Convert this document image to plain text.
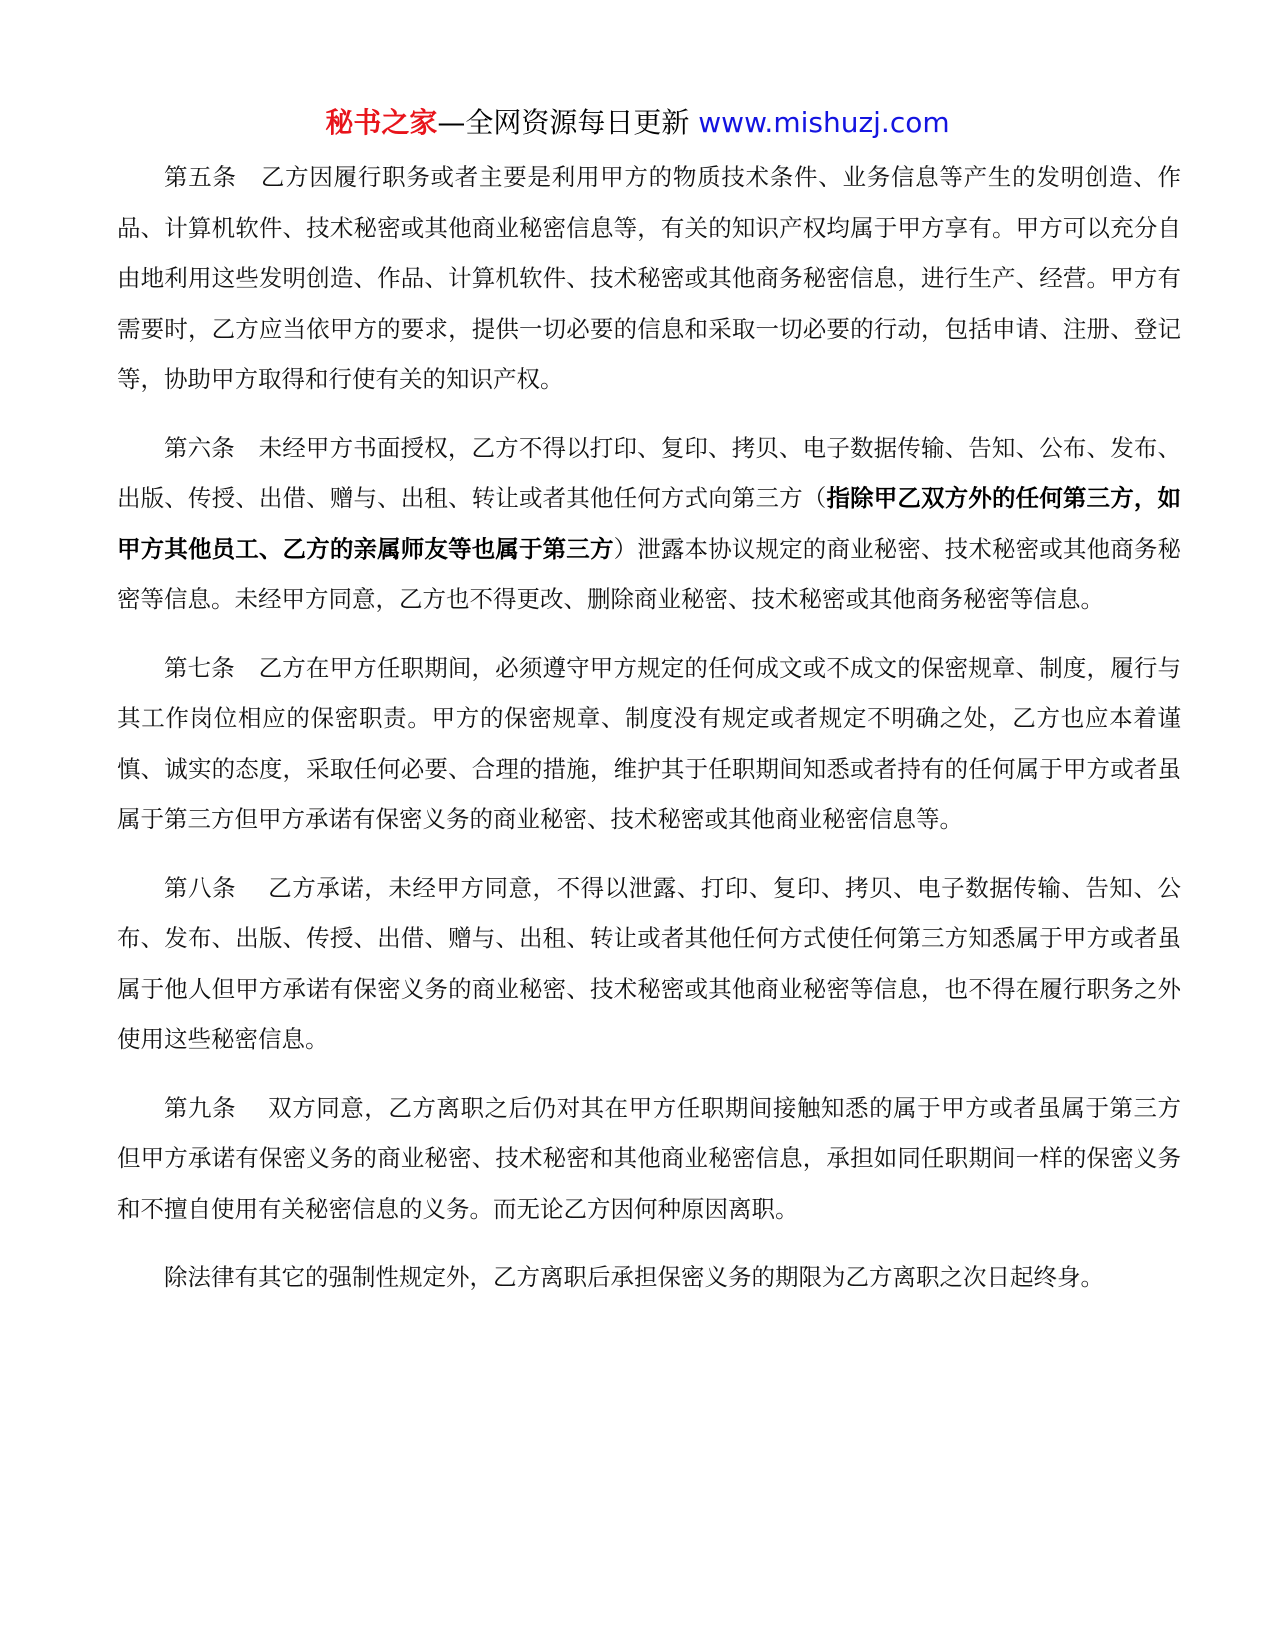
秘书之家—全网资源每日更新 www.mishuzj.com

第五条　乙方因履行职务或者主要是利用甲方的物质技术条件、业务信息等产生的发明创造、作品、计算机软件、技术秘密或其他商业秘密信息等，有关的知识产权均属于甲方享有。甲方可以充分自由地利用这些发明创造、作品、计算机软件、技术秘密或其他商务秘密信息，进行生产、经营。甲方有需要时，乙方应当依甲方的要求，提供一切必要的信息和采取一切必要的行动，包括申请、注册、登记等，协助甲方取得和行使有关的知识产权。

第六条　未经甲方书面授权，乙方不得以打印、复印、拷贝、电子数据传输、告知、公布、发布、出版、传授、出借、赠与、出租、转让或者其他任何方式向第三方（指除甲乙双方外的任何第三方，如甲方其他员工、乙方的亲属师友等也属于第三方）泄露本协议规定的商业秘密、技术秘密或其他商务秘密等信息。未经甲方同意，乙方也不得更改、删除商业秘密、技术秘密或其他商务秘密等信息。

第七条　乙方在甲方任职期间，必须遵守甲方规定的任何成文或不成文的保密规章、制度，履行与其工作岗位相应的保密职责。甲方的保密规章、制度没有规定或者规定不明确之处，乙方也应本着谨慎、诚实的态度，采取任何必要、合理的措施，维护其于任职期间知悉或者持有的任何属于甲方或者虽属于第三方但甲方承诺有保密义务的商业秘密、技术秘密或其他商业秘密信息等。

第八条　 乙方承诺，未经甲方同意，不得以泄露、打印、复印、拷贝、电子数据传输、告知、公布、发布、出版、传授、出借、赠与、出租、转让或者其他任何方式使任何第三方知悉属于甲方或者虽属于他人但甲方承诺有保密义务的商业秘密、技术秘密或其他商业秘密等信息，也不得在履行职务之外使用这些秘密信息。

第九条　 双方同意，乙方离职之后仍对其在甲方任职期间接触知悉的属于甲方或者虽属于第三方但甲方承诺有保密义务的商业秘密、技术秘密和其他商业秘密信息，承担如同任职期间一样的保密义务和不擅自使用有关秘密信息的义务。而无论乙方因何种原因离职。

除法律有其它的强制性规定外，乙方离职后承担保密义务的期限为乙方离职之次日起终身。
